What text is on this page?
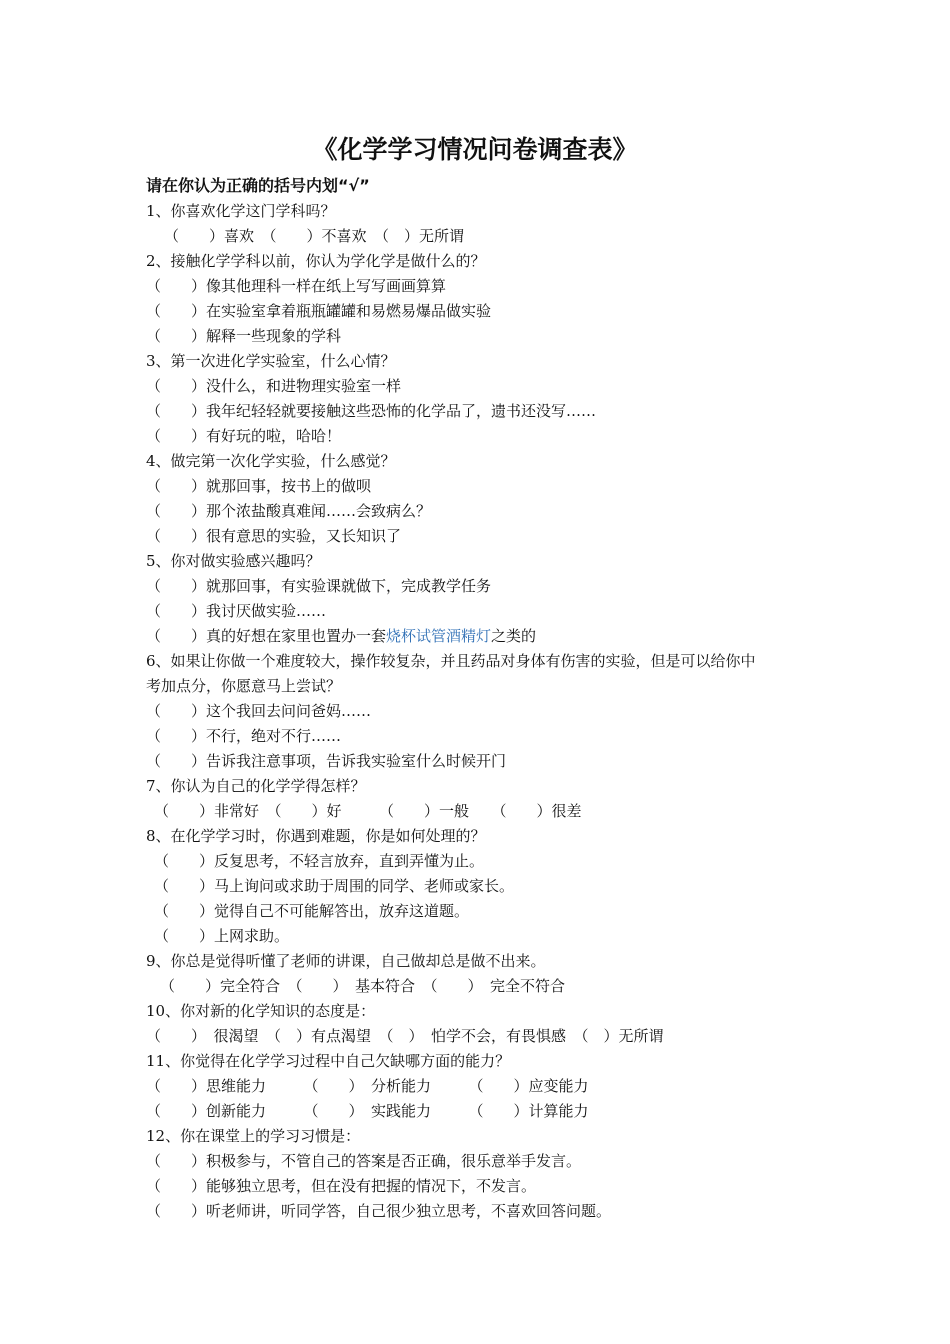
《化学学习情况问卷调查表》
请在你认为正确的括号内划“√”
1、你喜欢化学这门学科吗？
（　　）喜欢　（　　）不喜欢　（　）无所谓
2、接触化学学科以前，你认为学化学是做什么的？
（　　）像其他理科一样在纸上写写画画算算
（　　）在实验室拿着瓶瓶罐罐和易燃易爆品做实验
（　　）解释一些现象的学科
3、第一次进化学实验室，什么心情？
（　　）没什么，和进物理实验室一样
（　　）我年纪轻轻就要接触这些恐怖的化学品了，遗书还没写……
（　　）有好玩的啦，哈哈！
4、做完第一次化学实验，什么感觉？
（　　）就那回事，按书上的做呗
（　　）那个浓盐酸真难闻……会致病么？
（　　）很有意思的实验，又长知识了
5、你对做实验感兴趣吗？
（　　）就那回事，有实验课就做下，完成教学任务
（　　）我讨厌做实验……
（　　）真的好想在家里也置办一套烧杯试管酒精灯之类的
6、如果让你做一个难度较大，操作较复杂，并且药品对身体有伤害的实验，但是可以给你中
考加点分，你愿意马上尝试？
（　　）这个我回去问问爸妈……
（　　）不行，绝对不行……
（　　）告诉我注意事项，告诉我实验室什么时候开门
7、你认为自己的化学学得怎样？
（　　）非常好　（　　）好　　　（　　）一般　　（　　）很差
8、在化学学习时，你遇到难题，你是如何处理的？
（　　）反复思考，不轻言放弃，直到弄懂为止。
（　　）马上询问或求助于周围的同学、老师或家长。
（　　）觉得自己不可能解答出，放弃这道题。
（　　）上网求助。
9、你总是觉得听懂了老师的讲课，自己做却总是做不出来。
（　　）完全符合　（　　）　基本符合　（　　）　完全不符合
10、你对新的化学知识的态度是：
（　　）　很渴望　（　）有点渴望　（　）　怕学不会，有畏惧感　（　）无所谓
11、你觉得在化学学习过程中自己欠缺哪方面的能力？
（　　）思维能力　　　（　　）　分析能力　　　（　　）应变能力
（　　）创新能力　　　（　　）　实践能力　　　（　　）计算能力
12、你在课堂上的学习习惯是：
（　　）积极参与，不管自己的答案是否正确，很乐意举手发言。
（　　）能够独立思考，但在没有把握的情况下，不发言。
（　　）听老师讲，听同学答，自己很少独立思考，不喜欢回答问题。
